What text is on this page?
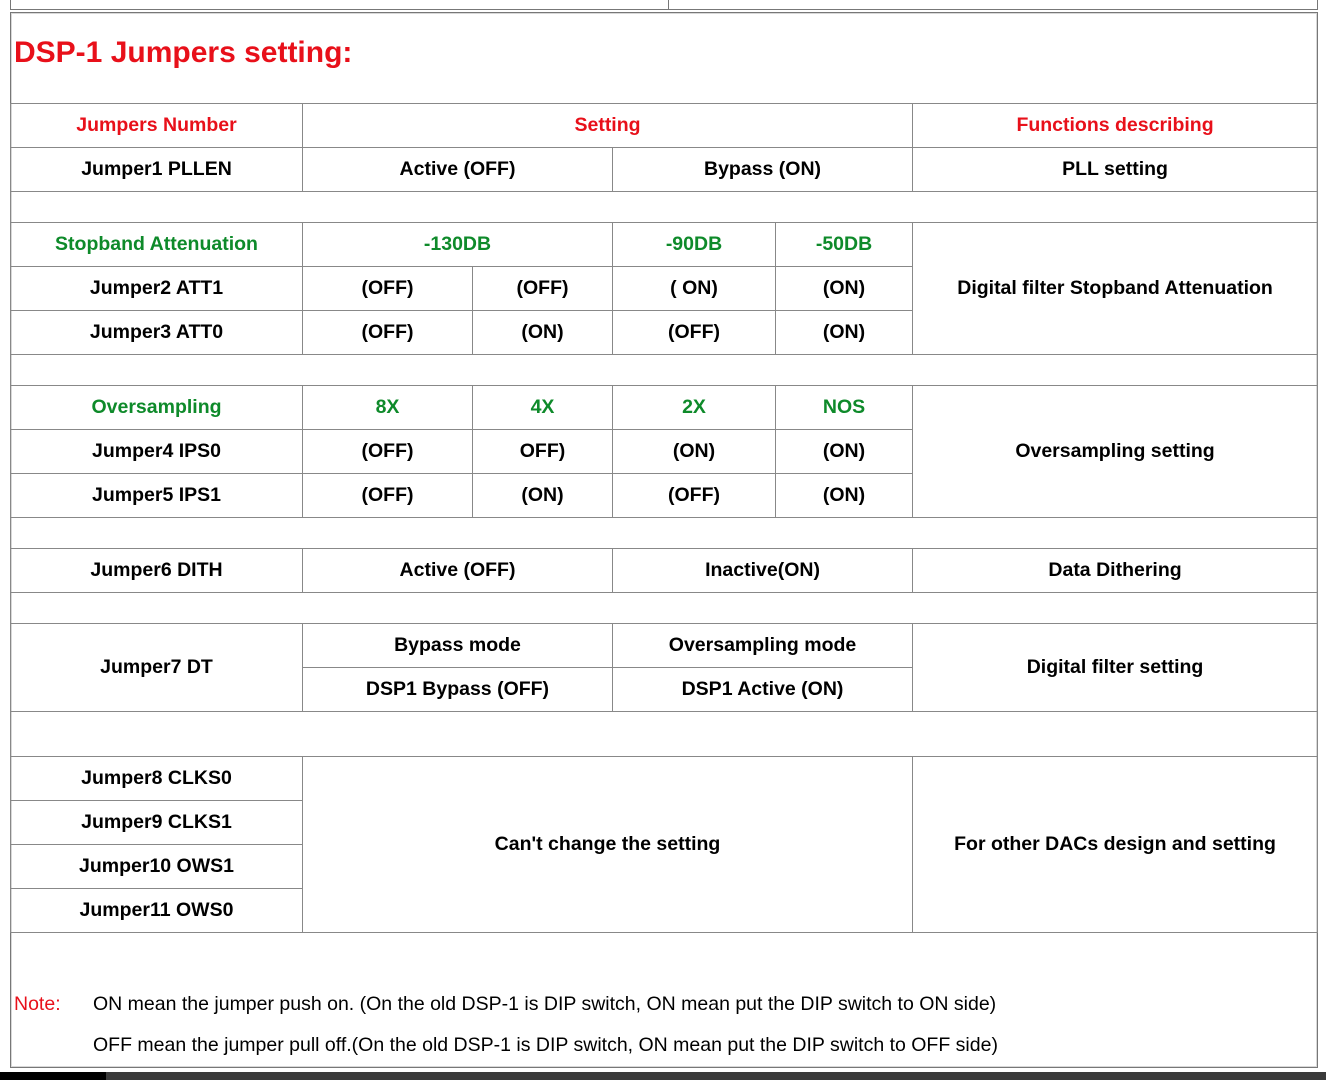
DSP-1 Jumpers setting:
Jumpers Number	Setting				Functions describing
Jumper1 PLLEN	Active (OFF)		Bypass (ON)		PLL setting

Stopband Attenuation	-130DB		-90DB	-50DB	Digital filter Stopband Attenuation
Jumper2 ATT1	(OFF)	(OFF)	( ON)	(ON)	
Jumper3 ATT0	(OFF)	(ON)	(OFF)	(ON)	

Oversampling	8X	4X	2X	NOS	Oversampling setting
Jumper4 IPS0	(OFF)	OFF)	(ON)	(ON)	
Jumper5 IPS1	(OFF)	(ON)	(OFF)	(ON)	

Jumper6 DITH	Active (OFF)		Inactive(ON)		Data Dithering

Jumper7 DT	Bypass mode		Oversampling mode		Digital filter setting
	DSP1 Bypass (OFF)		DSP1 Active (ON)		

Jumper8 CLKS0	Can't change the setting				For other DACs design and setting
Jumper9 CLKS1					
Jumper10 OWS1					
Jumper11 OWS0					
Note: ON mean the jumper push on. (On the old DSP-1 is DIP switch, ON mean put the DIP switch to ON side)
OFF mean the jumper pull off.(On the old DSP-1 is DIP switch, ON mean put the DIP switch to OFF side)
